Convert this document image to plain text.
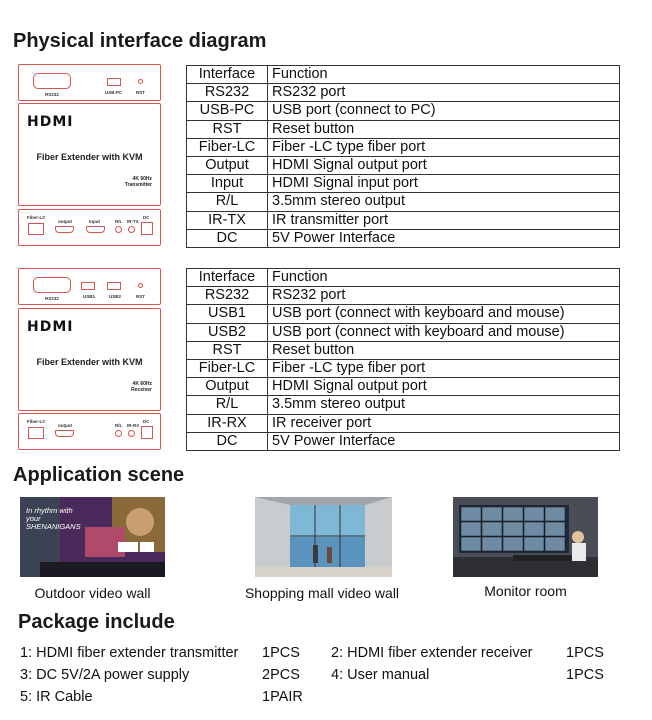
Physical interface diagram
RS232	USB-PC	RST
HDMI
Fiber Extender with KVM
4K 60Hz
Transmitter
Fiber-LC
output	Input	R/L IR-TX
DC
Interface	Function
RS232	RS232 port
USB-PC	USB port (connect to PC)
RST	Reset button
Fiber-LC	Fiber -LC type fiber port
Output	HDMI Signal output port
Input	HDMI Signal input port
R/L	3.5mm stereo output
IR-TX	IR transmitter port
DC	5V Power Interface
RS232	USB1	USB2	RST
HDMI
Fiber Extender with KVM
4K 60Hz
Receiver
Fiber-LC
output	R/L IR-RX
DC
Interface	Function
RS232	RS232 port
USB1	USB port (connect with keyboard and mouse)
USB2	USB port (connect with keyboard and mouse)
RST	Reset button
Fiber-LC	Fiber -LC type fiber port
Output	HDMI Signal output port
R/L	3.5mm stereo output
IR-RX	IR receiver port
DC	5V Power Interface
Application scene
In rhythm with your SHENANIGANS
Outdoor video wall	Shopping mall video wall	Monitor room
Package include
1: HDMI fiber extender transmitter 1PCS 2: HDMI fiber extender receiver 1PCS
3: DC 5V/2A power supply	2PCS 4: User manual	1PCS
5: IR Cable	1PAIR
